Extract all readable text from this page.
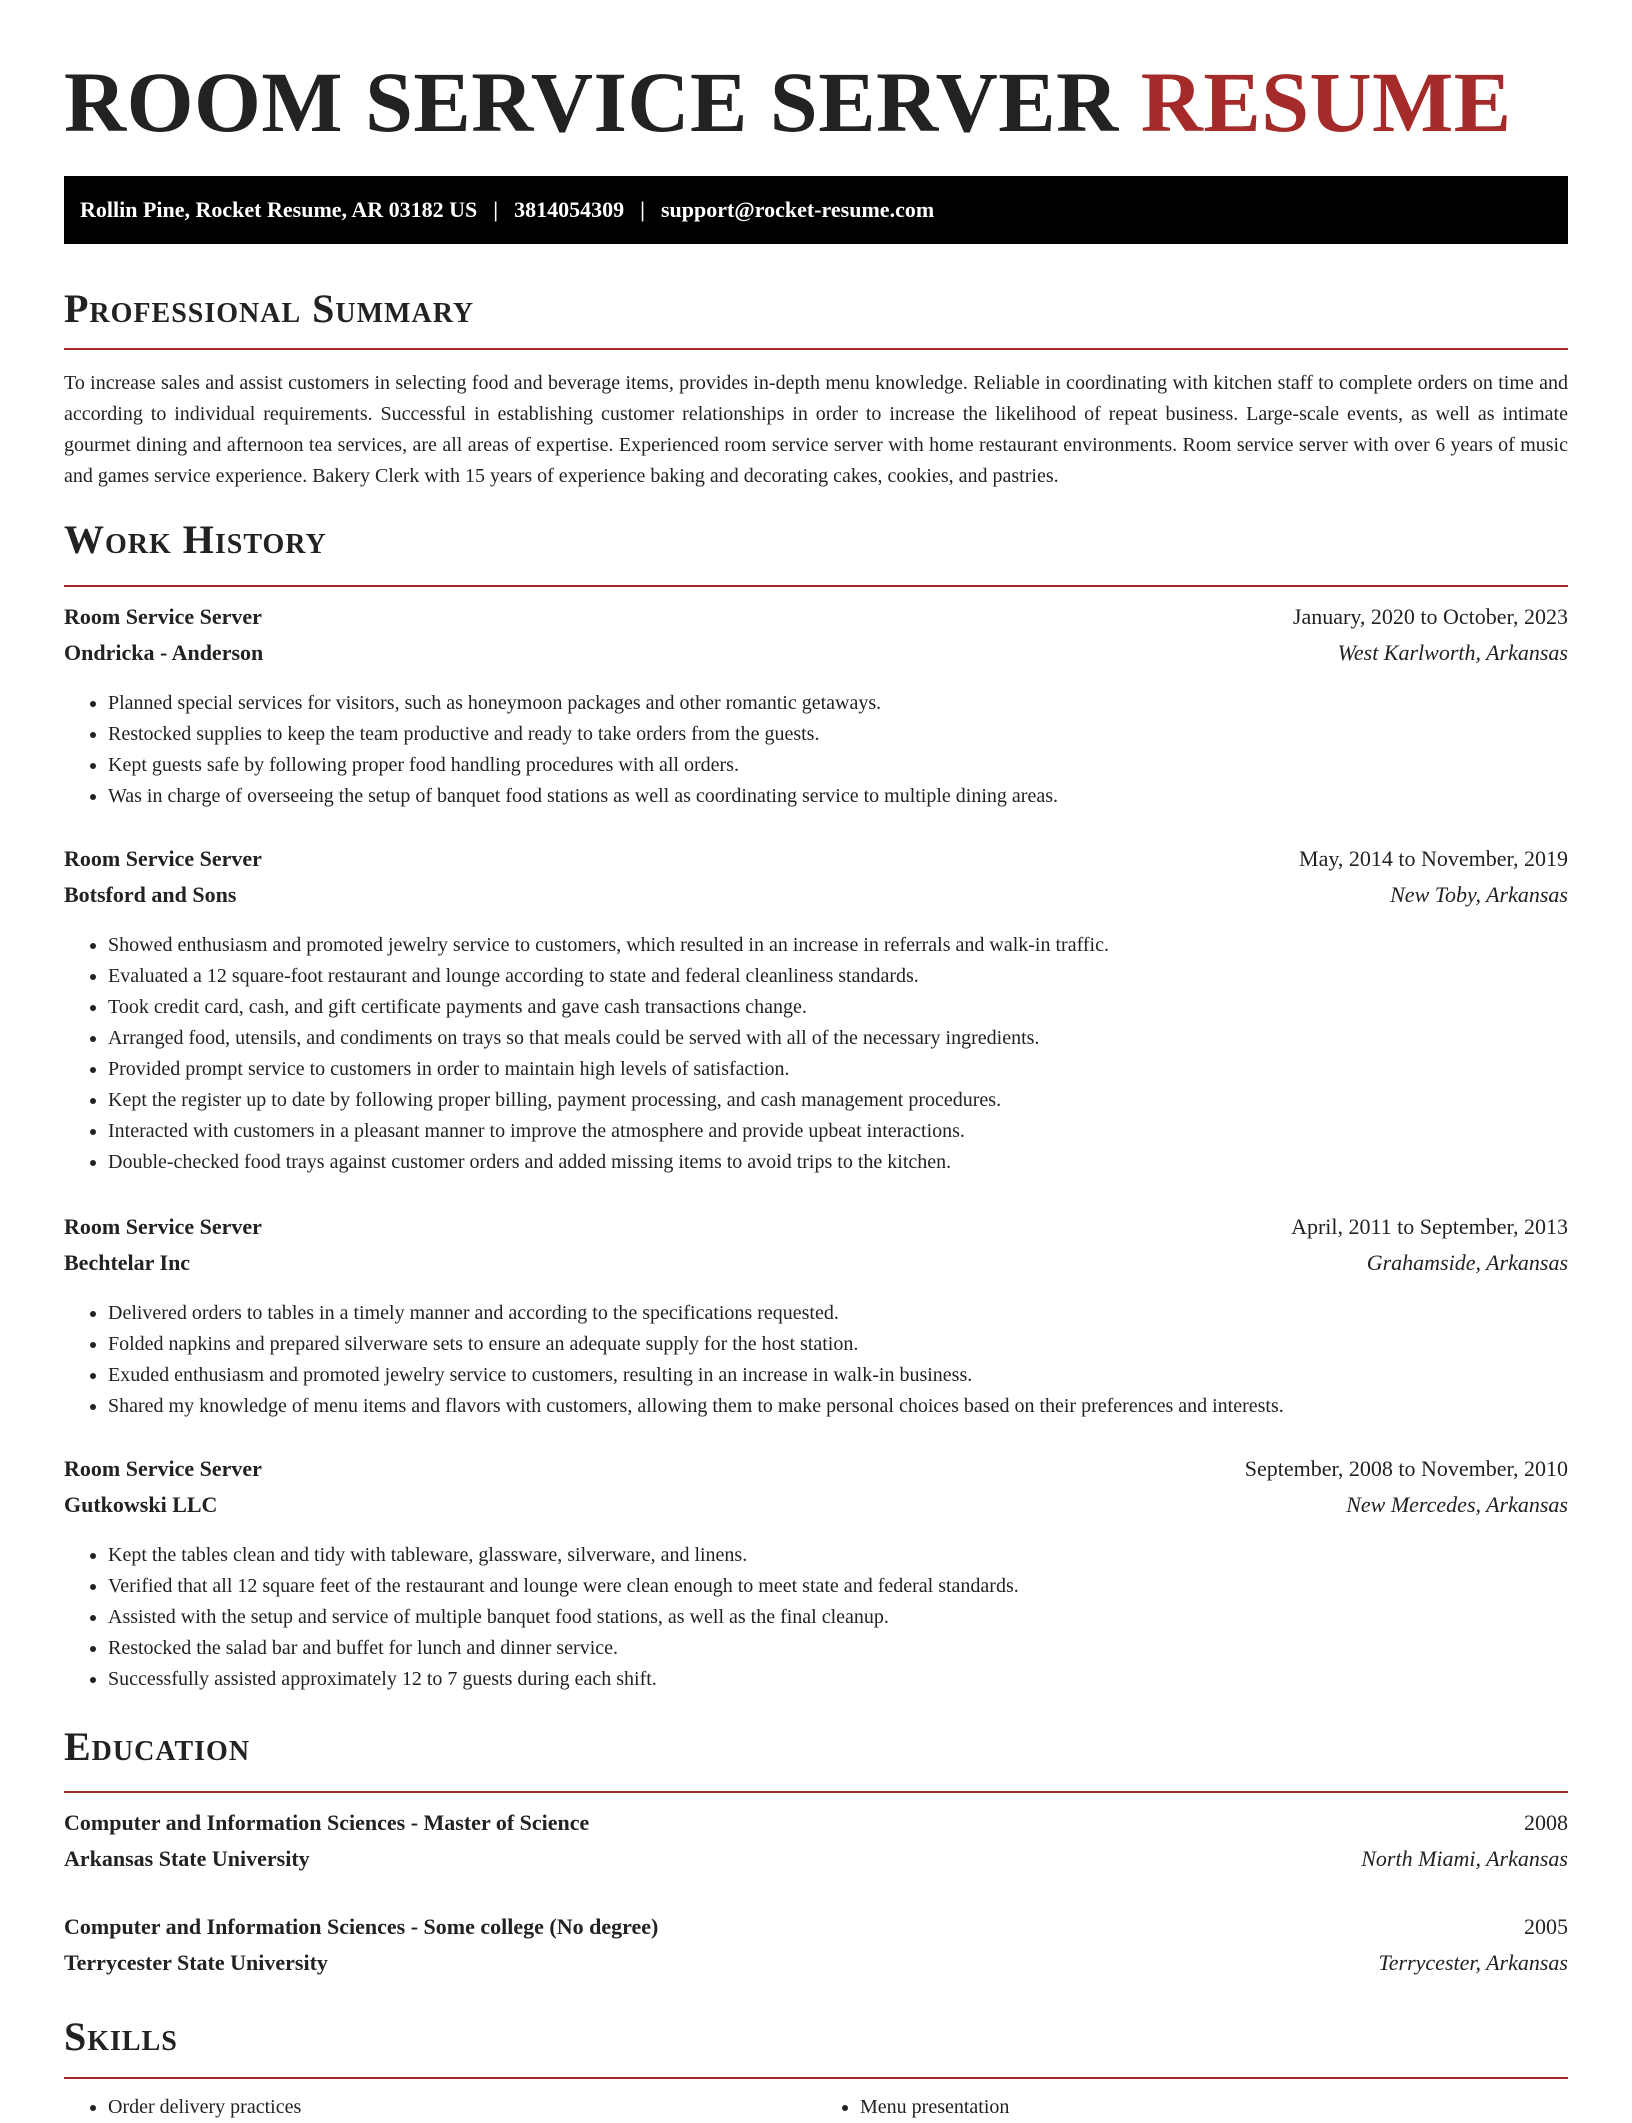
ROOM SERVICE SERVER RESUME
Rollin Pine, Rocket Resume, AR 03182 US | 3814054309 | support@rocket-resume.com
Professional Summary

To increase sales and assist customers in selecting food and beverage items, provides in-depth menu knowledge. Reliable in coordinating with kitchen staff to complete orders on time and according to individual requirements. Successful in establishing customer relationships in order to increase the likelihood of repeat business. Large-scale events, as well as intimate gourmet dining and afternoon tea services, are all areas of expertise. Experienced room service server with home restaurant environments. Room service server with over 6 years of music and games service experience. Bakery Clerk with 15 years of experience baking and decorating cakes, cookies, and pastries.

Work History
Room Service Server	January, 2020 to October, 2023
Ondricka - Anderson	West Karlworth, Arkansas
• Planned special services for visitors, such as honeymoon packages and other romantic getaways.
• Restocked supplies to keep the team productive and ready to take orders from the guests.
• Kept guests safe by following proper food handling procedures with all orders.
• Was in charge of overseeing the setup of banquet food stations as well as coordinating service to multiple dining areas.
Room Service Server	May, 2014 to November, 2019
Botsford and Sons	New Toby, Arkansas
• Showed enthusiasm and promoted jewelry service to customers, which resulted in an increase in referrals and walk-in traffic.
• Evaluated a 12 square-foot restaurant and lounge according to state and federal cleanliness standards.
• Took credit card, cash, and gift certificate payments and gave cash transactions change.
• Arranged food, utensils, and condiments on trays so that meals could be served with all of the necessary ingredients.
• Provided prompt service to customers in order to maintain high levels of satisfaction.
• Kept the register up to date by following proper billing, payment processing, and cash management procedures.
• Interacted with customers in a pleasant manner to improve the atmosphere and provide upbeat interactions.
• Double-checked food trays against customer orders and added missing items to avoid trips to the kitchen.
Room Service Server	April, 2011 to September, 2013
Bechtelar Inc	Grahamside, Arkansas
• Delivered orders to tables in a timely manner and according to the specifications requested.
• Folded napkins and prepared silverware sets to ensure an adequate supply for the host station.
• Exuded enthusiasm and promoted jewelry service to customers, resulting in an increase in walk-in business.
• Shared my knowledge of menu items and flavors with customers, allowing them to make personal choices based on their preferences and interests.
Room Service Server	September, 2008 to November, 2010
Gutkowski LLC	New Mercedes, Arkansas
• Kept the tables clean and tidy with tableware, glassware, silverware, and linens.
• Verified that all 12 square feet of the restaurant and lounge were clean enough to meet state and federal standards.
• Assisted with the setup and service of multiple banquet food stations, as well as the final cleanup.
• Restocked the salad bar and buffet for lunch and dinner service.
• Successfully assisted approximately 12 to 7 guests during each shift.
Education
Computer and Information Sciences - Master of Science	2008
Arkansas State University	North Miami, Arkansas
Computer and Information Sciences - Some college (No degree)	2005
Terrycester State University	Terrycester, Arkansas
Skills
• Order delivery practices
•	Menu presentation
